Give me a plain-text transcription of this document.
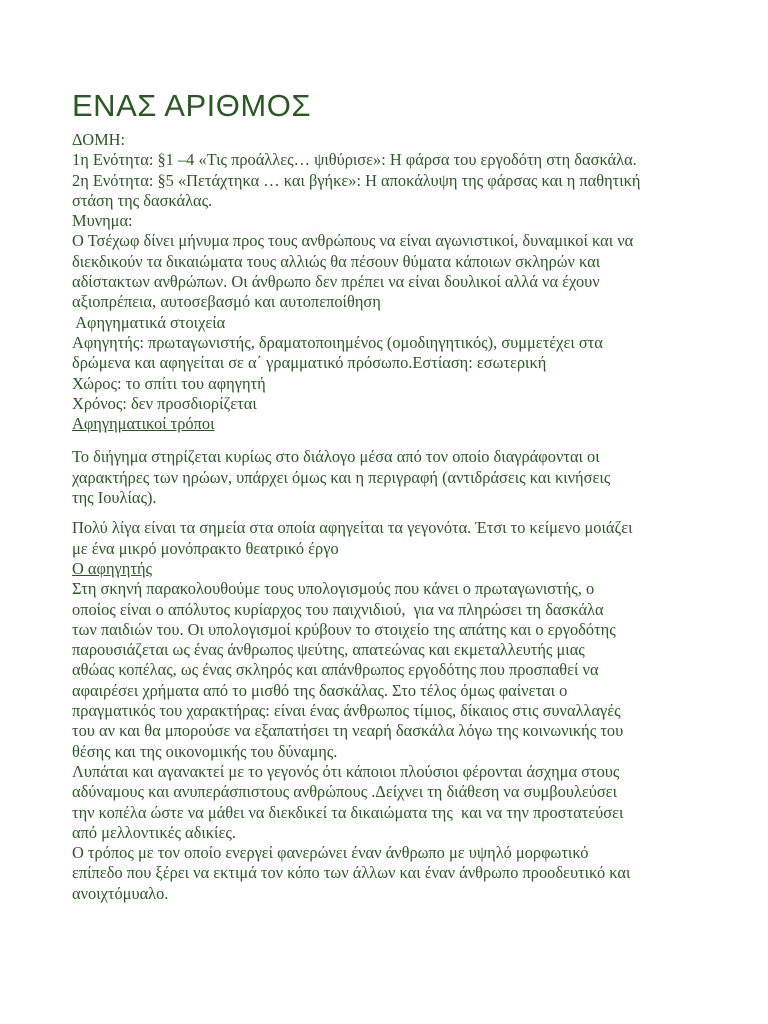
ΕΝΑΣ ΑΡΙΘΜΟΣ
ΔΟΜΗ:
1η Ενότητα: §1 –4 «Τις προάλλες… ψιθύρισε»: Η φάρσα του εργοδότη στη δασκάλα.
2η Ενότητα: §5 «Πετάχτηκα … και βγήκε»: Η αποκάλυψη της φάρσας και η παθητική
στάση της δασκάλας.
Μυνημα:
Ο Τσέχωφ δίνει μήνυμα προς τους ανθρώπους να είναι αγωνιστικοί, δυναμικοί και να
διεκδικούν τα δικαιώματα τους αλλιώς θα πέσουν θύματα κάποιων σκληρών και
αδίστακτων ανθρώπων. Οι άνθρωπο δεν πρέπει να είναι δουλικοί αλλά να έχουν
αξιοπρέπεια, αυτοσεβασμό και αυτοπεποίθηση
Αφηγηματικά στοιχεία
Αφηγητής: πρωταγωνιστής, δραματοποιημένος (ομοδιηγητικός), συμμετέχει στα
δρώμενα και αφηγείται σε α΄ γραμματικό πρόσωπο.Εστίαση: εσωτερική
Χώρος: το σπίτι του αφηγητή
Χρόνος: δεν προσδιορίζεται
Αφηγηματικοί τρόποι
Το διήγημα στηρίζεται κυρίως στο διάλογο μέσα από τον οποίο διαγράφονται οι
χαρακτήρες των ηρώων, υπάρχει όμως και η περιγραφή (αντιδράσεις και κινήσεις
της Ιουλίας).
Πολύ λίγα είναι τα σημεία στα οποία αφηγείται τα γεγονότα. Έτσι το κείμενο μοιάζει
με ένα μικρό μονόπρακτο θεατρικό έργο
Ο αφηγητής
Στη σκηνή παρακολουθούμε τους υπολογισμούς που κάνει ο πρωταγωνιστής, ο
οποίος είναι ο απόλυτος κυρίαρχος του παιχνιδιού,  για να πληρώσει τη δασκάλα
των παιδιών του. Οι υπολογισμοί κρύβουν το στοιχείο της απάτης και ο εργοδότης
παρουσιάζεται ως ένας άνθρωπος ψεύτης, απατεώνας και εκμεταλλευτής μιας
αθώας κοπέλας, ως ένας σκληρός και απάνθρωπος εργοδότης που προσπαθεί να
αφαιρέσει χρήματα από το μισθό της δασκάλας. Στο τέλος όμως φαίνεται ο
πραγματικός του χαρακτήρας: είναι ένας άνθρωπος τίμιος, δίκαιος στις συναλλαγές
του αν και θα μπορούσε να εξαπατήσει τη νεαρή δασκάλα λόγω της κοινωνικής του
θέσης και της οικονομικής του δύναμης.
Λυπάται και αγανακτεί με το γεγονός ότι κάποιοι πλούσιοι φέρονται άσχημα στους
αδύναμους και ανυπεράσπιστους ανθρώπους .Δείχνει τη διάθεση να συμβουλεύσει
την κοπέλα ώστε να μάθει να διεκδικεί τα δικαιώματα της  και να την προστατεύσει
από μελλοντικές αδικίες.
Ο τρόπος με τον οποίο ενεργεί φανερώνει έναν άνθρωπο με υψηλό μορφωτικό
επίπεδο που ξέρει να εκτιμά τον κόπο των άλλων και έναν άνθρωπο προοδευτικό και
ανοιχτόμυαλο.
